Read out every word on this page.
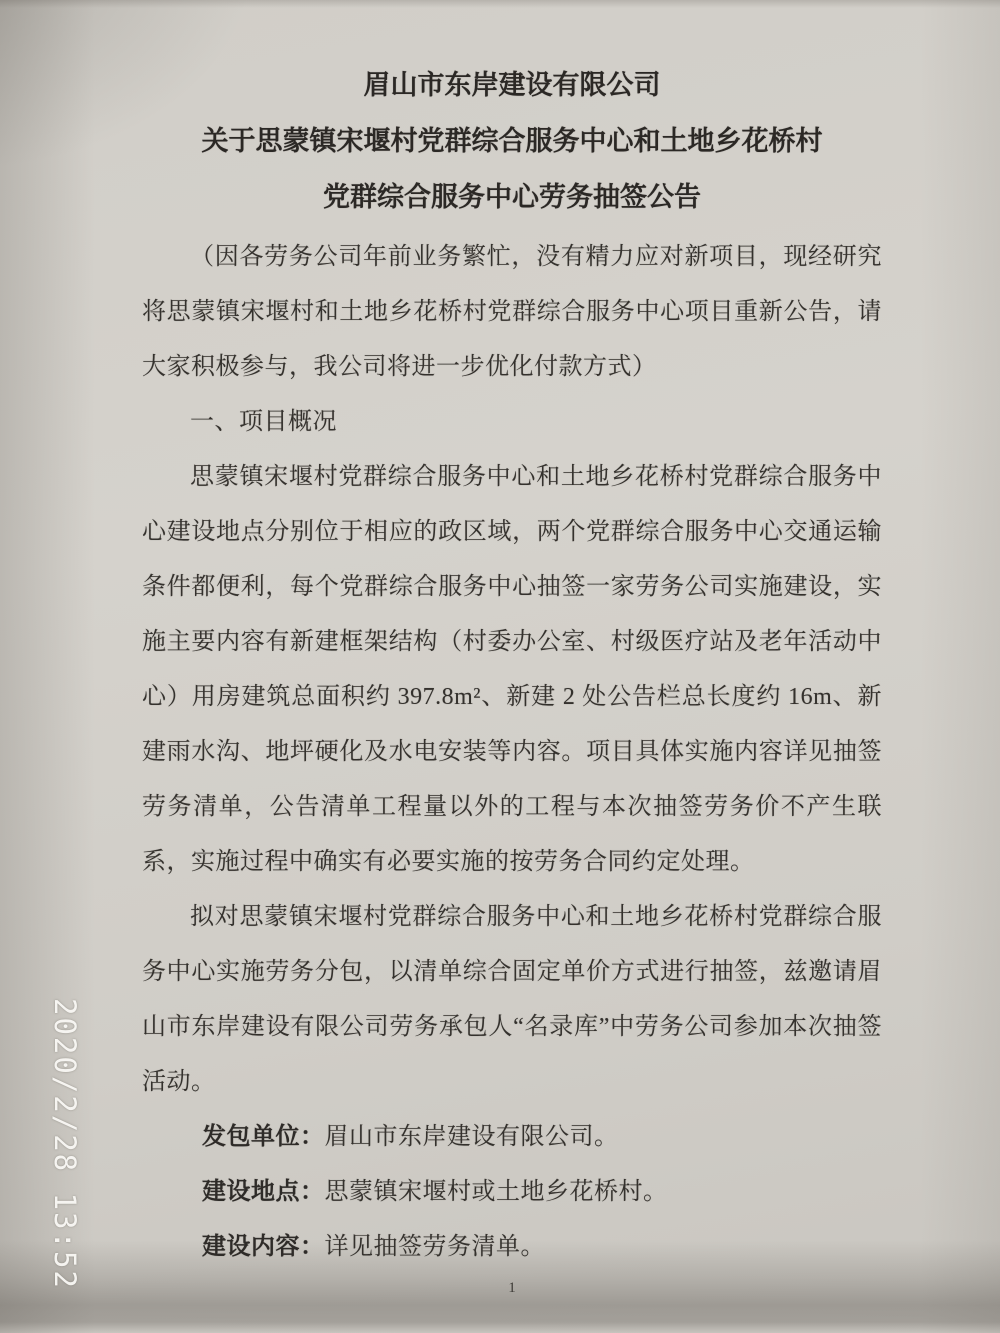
眉山市东岸建设有限公司

关于思蒙镇宋堰村党群综合服务中心和土地乡花桥村

党群综合服务中心劳务抽签公告

（因各劳务公司年前业务繁忙，没有精力应对新项目，现经研究将思蒙镇宋堰村和土地乡花桥村党群综合服务中心项目重新公告，请大家积极参与，我公司将进一步优化付款方式）

一、项目概况

思蒙镇宋堰村党群综合服务中心和土地乡花桥村党群综合服务中心建设地点分别位于相应的政区域，两个党群综合服务中心交通运输条件都便利，每个党群综合服务中心抽签一家劳务公司实施建设，实施主要内容有新建框架结构（村委办公室、村级医疗站及老年活动中心）用房建筑总面积约 397.8m²、新建 2 处公告栏总长度约 16m、新建雨水沟、地坪硬化及水电安装等内容。项目具体实施内容详见抽签劳务清单，公告清单工程量以外的工程与本次抽签劳务价不产生联系，实施过程中确实有必要实施的按劳务合同约定处理。

拟对思蒙镇宋堰村党群综合服务中心和土地乡花桥村党群综合服务中心实施劳务分包，以清单综合固定单价方式进行抽签，兹邀请眉山市东岸建设有限公司劳务承包人“名录库”中劳务公司参加本次抽签活动。

发包单位：眉山市东岸建设有限公司。

建设地点：思蒙镇宋堰村或土地乡花桥村。

建设内容：详见抽签劳务清单。

1
2020/2/28 13:52
